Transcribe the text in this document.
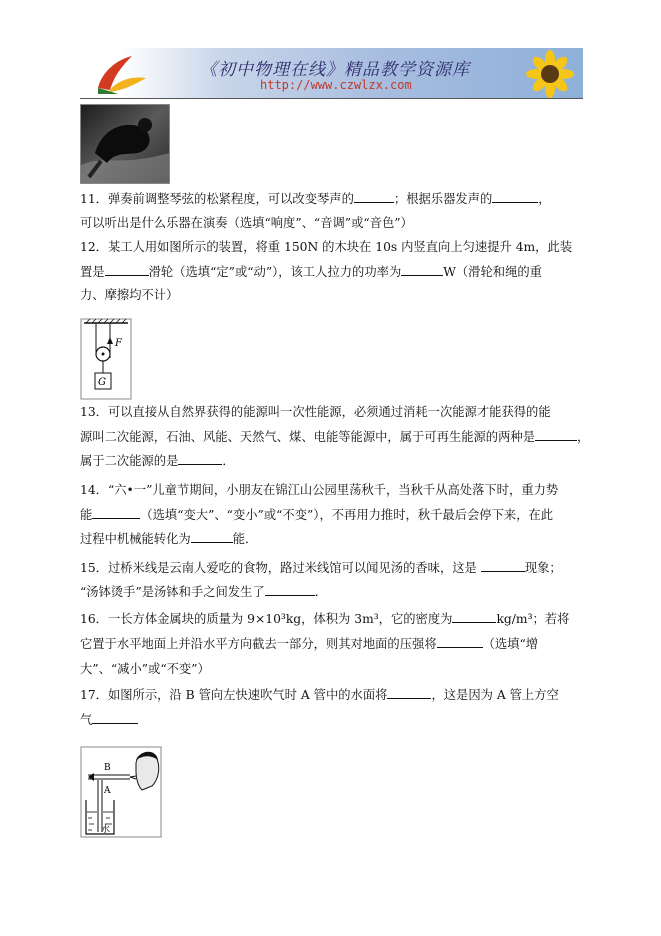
《初中物理在线》精品教学资源库
http://www.czwlzx.com
11．弹奏前调整琴弦的松紧程度，可以改变琴声的	；根据乐器发声的	，
可以听出是什么乐器在演奏（选填“响度”、“音调”或“音色”）
12．某工人用如图所示的装置，将重 150N 的木块在 10s 内竖直向上匀速提升 4m，此装
置是	滑轮（选填“定”或“动”），该工人拉力的功率为	W（滑轮和绳的重
力、摩擦均不计）
13．可以直接从自然界获得的能源叫一次性能源，必须通过消耗一次能源才能获得的能
源叫二次能源，石油、风能、天然气、煤、电能等能源中，属于可再生能源的两种是	，
属于二次能源的是	．
14．“六•一”儿童节期间，小朋友在锦江山公园里荡秋千，当秋千从高处落下时，重力势
能	（选填“变大”、“变小”或“不变”），不再用力推时，秋千最后会停下来，在此
过程中机械能转化为	能．
15．过桥米线是云南人爱吃的食物，路过米线馆可以闻见汤的香味，这是	现象；
“汤钵烫手”是汤钵和手之间发生了	．
16．一长方体金属块的质量为 9×10³kg，体积为 3m³，它的密度为	kg/m³；若将
它置于水平地面上并沿水平方向截去一部分，则其对地面的压强将	（选填“增
大”、“减小”或“不变”）
17．如图所示，沿 B 管向左快速吹气时 A 管中的水面将	，这是因为 A 管上方空
气
F
G
B
A
水
